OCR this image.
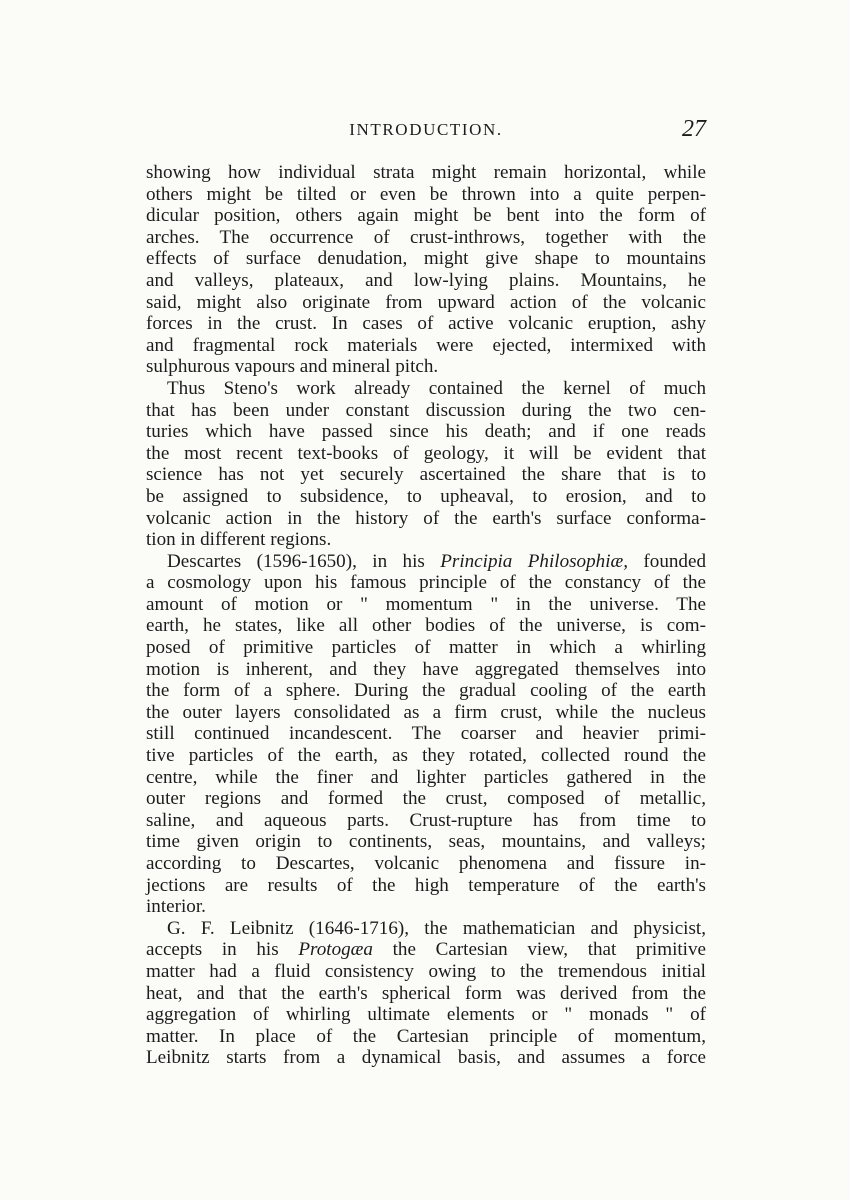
INTRODUCTION.	27

showing how individual strata might remain horizontal, while
others might be tilted or even be thrown into a quite perpen-
dicular position, others again might be bent into the form of
arches. The occurrence of crust-inthrows, together with the
effects of surface denudation, might give shape to mountains
and valleys, plateaux, and low-lying plains. Mountains, he
said, might also originate from upward action of the volcanic
forces in the crust. In cases of active volcanic eruption, ashy
and fragmental rock materials were ejected, intermixed with
sulphurous vapours and mineral pitch.

Thus Steno's work already contained the kernel of much
that has been under constant discussion during the two cen-
turies which have passed since his death; and if one reads
the most recent text-books of geology, it will be evident that
science has not yet securely ascertained the share that is to
be assigned to subsidence, to upheaval, to erosion, and to
volcanic action in the history of the earth's surface conforma-
tion in different regions.

Descartes (1596-1650), in his Principia Philosophiæ, founded
a cosmology upon his famous principle of the constancy of the
amount of motion or " momentum " in the universe. The
earth, he states, like all other bodies of the universe, is com-
posed of primitive particles of matter in which a whirling
motion is inherent, and they have aggregated themselves into
the form of a sphere. During the gradual cooling of the earth
the outer layers consolidated as a firm crust, while the nucleus
still continued incandescent. The coarser and heavier primi-
tive particles of the earth, as they rotated, collected round the
centre, while the finer and lighter particles gathered in the
outer regions and formed the crust, composed of metallic,
saline, and aqueous parts. Crust-rupture has from time to
time given origin to continents, seas, mountains, and valleys;
according to Descartes, volcanic phenomena and fissure in-
jections are results of the high temperature of the earth's
interior.

G. F. Leibnitz (1646-1716), the mathematician and physicist,
accepts in his Protogæa the Cartesian view, that primitive
matter had a fluid consistency owing to the tremendous initial
heat, and that the earth's spherical form was derived from the
aggregation of whirling ultimate elements or " monads " of
matter. In place of the Cartesian principle of momentum,
Leibnitz starts from a dynamical basis, and assumes a force
